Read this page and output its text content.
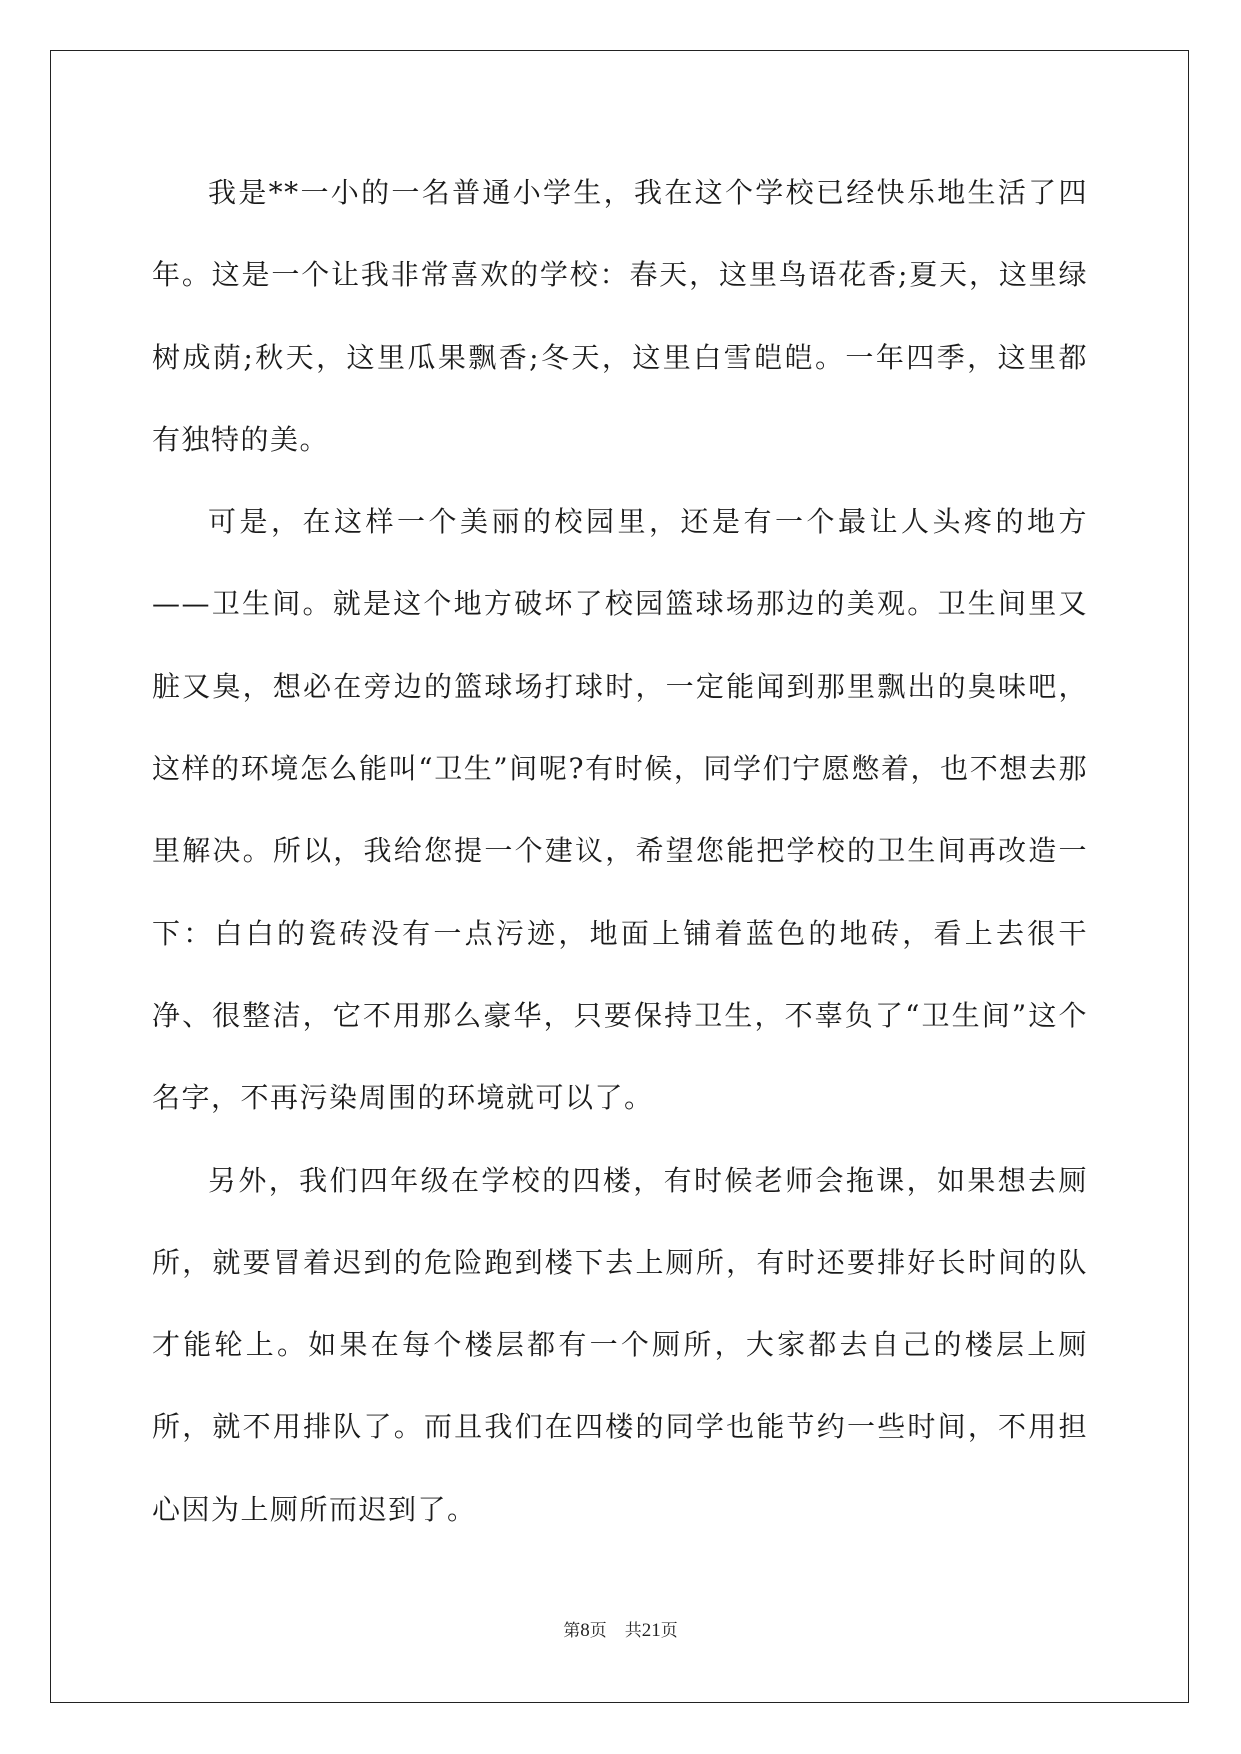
我是**一小的一名普通小学生，我在这个学校已经快乐地生活了四年。这是一个让我非常喜欢的学校：春天，这里鸟语花香;夏天，这里绿树成荫;秋天，这里瓜果飘香;冬天，这里白雪皑皑。一年四季，这里都有独特的美。

可是，在这样一个美丽的校园里，还是有一个最让人头疼的地方——卫生间。就是这个地方破坏了校园篮球场那边的美观。卫生间里又脏又臭，想必在旁边的篮球场打球时，一定能闻到那里飘出的臭味吧，这样的环境怎么能叫“卫生”间呢?有时候，同学们宁愿憋着，也不想去那里解决。所以，我给您提一个建议，希望您能把学校的卫生间再改造一下：白白的瓷砖没有一点污迹，地面上铺着蓝色的地砖，看上去很干净、很整洁，它不用那么豪华，只要保持卫生，不辜负了“卫生间”这个名字，不再污染周围的环境就可以了。

另外，我们四年级在学校的四楼，有时候老师会拖课，如果想去厕所，就要冒着迟到的危险跑到楼下去上厕所，有时还要排好长时间的队才能轮上。如果在每个楼层都有一个厕所，大家都去自己的楼层上厕所，就不用排队了。而且我们在四楼的同学也能节约一些时间，不用担心因为上厕所而迟到了。

第8页 共21页
